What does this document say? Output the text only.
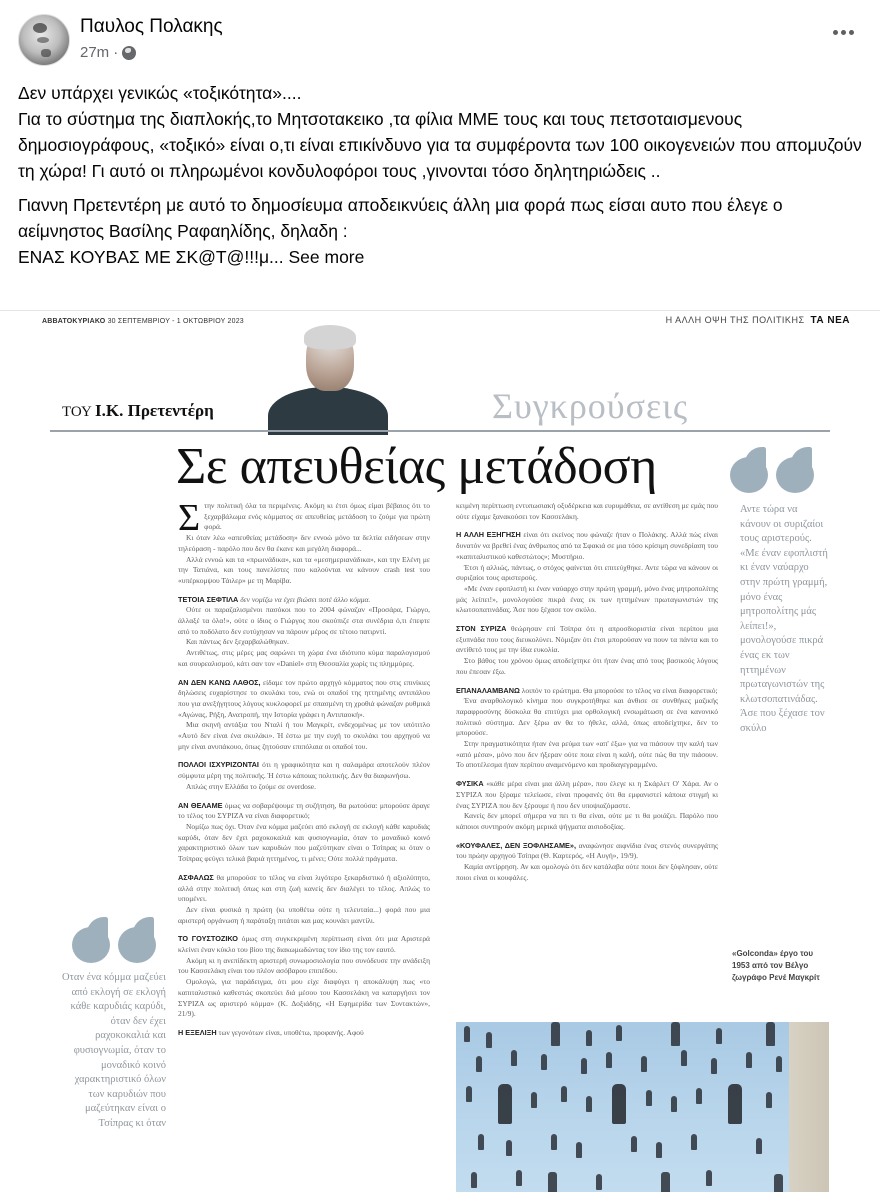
Παυλος Πολακης
27m ·

Δεν υπάρχει γενικώς «τοξικότητα»....

Για το σύστημα της διαπλοκής,το Μητσοτακεικο ,τα φίλια ΜΜΕ τους και τους πετσοταισμενους δημοσιογράφους, «τοξικό» είναι ο,τι είναι επικίνδυνο για τα συμφέροντα των 100 οικογενειών που απομυζούν τη χώρα! Γι αυτό οι πληρωμένοι κονδυλοφόροι τους ,γινονται τόσο δηλητηριώδεις ..

Γιαννη Πρετεντέρη με αυτό το δημοσίευμα αποδεικνύεις άλλη μια φορά πως είσαι αυτο που έλεγε ο αείμνηστος Βασίλης Ραφαηλίδης, δηλαδη :

ΕΝΑΣ ΚΟΥΒΑΣ ΜΕ ΣΚ@Τ@!!!μ... See more

ΑΒΒΑΤΟΚΥΡΙΑΚΟ 30 ΣΕΠΤΕΜΒΡΙΟΥ - 1 ΟΚΤΩΒΡΙΟΥ 2023	Η ΑΛΛΗ ΟΨΗ ΤΗΣ ΠΟΛΙΤΙΚΗΣ ΤΑ ΝΕΑ
ΤΟΥ Ι.Κ. Πρετεντέρη	Συγκρούσεις
Σε απευθείας μετάδοση
Αντε τώρα να κάνουν οι συριζαίοι τους αριστερούς. «Με έναν εφοπλιστή κι έναν ναύαρχο στην πρώτη γραμμή, μόνο ένας μητροπολίτης μάς λείπει!», μονολογούσε πικρά ένας εκ των ηττημένων πρωταγωνιστών της κλωτσοπατινάδας. Άσε που ξέχασε τον σκύλο
Οταν ένα κόμμα μαζεύει από εκλογή σε εκλογή κάθε καρυδιάς καρύδι, όταν δεν έχει ραχοκοκαλιά και φυσιογνωμία, όταν το μοναδικό κοινό χαρακτηριστικό όλων των καρυδιών που μαζεύτηκαν είναι ο Τσίπρας κι όταν
Σ την πολιτική όλα τα περιμένεις. Ακόμη κι έτσι όμως είμαι βέβαιος ότι το ξεχαρβάλωμα ενός κόμματος σε απευθείας μετάδοση το ζούμε για πρώτη φορά.

Κι όταν λέω «απευθείας μετάδοση» δεν εννοώ μόνο τα δελτία ειδήσεων στην τηλεόραση - παρόλο που δεν θα έκανε και μεγάλη διαφορά...

Αλλά εννοώ και τα «πρωινάδικα», και τα «μεσημεριανάδικα», και την Ελένη με την Τατιάνα, και τους πανελίστες που καλούνται να κάνουν crash test του «υπέρκομψου Τάιλερ» με τη Μαρίβα.

ΤΕΤΟΙΑ ΣΕΦΤΙΛΑ δεν νομίζω να έχει βιώσει ποτέ άλλο κόμμα.

Ούτε οι παραζαλισμένοι πασόκοι που το 2004 φώναζαν «Προσάρα, Γιώργο, άλλαξέ τα όλα!», ούτε ο ίδιος ο Γιώργος που σκούπιζε στα συνέδρια ό,τι έπεφτε από το ποδόλατο δεν ευτύχησαν να πάρουν μέρος σε τέτοιο πατιρντί.

Και πάντως δεν ξεχαρβαλώθηκαν.

Αντιθέτως, στις μέρες μας σαρώνει τη χώρα ένα ιδιότυπο κύμα παραλογισμού και σουρεαλισμού, κάτι σαν τον «Daniel» στη Θεσσαλία χωρίς τις πλημμύρες.

ΑΝ ΔΕΝ ΚΑΝΩ ΛΑΘΟΣ, είδαμε τον πρώτο αρχηγό κόμματος που στις επινίκιες δηλώσεις ευχαρίστησε το σκυλάκι του, ενώ οι οπαδοί της ηττημένης αντιπάλου που για ανεξήγητους λόγους κυκλοφορεί με σπασμένη τη χροθιά φώναζαν ρυθμικά «Αγώνας, Ρήξη, Ανατροπή, την Ιστορία γράφει η Αντιπαοκή».

Μια σκηνή αντάξια του Νταλί ή του Μαγκρίτ, ενδεχομένως με τον υπότιτλο «Αυτό δεν είναι ένα σκυλάκι». Ή έστω με την ευχή το σκυλάκι του αρχηγού να μην είναι ανυπάκουο, όπως ζητούσαν επιπόλαια οι οπαδοί του.

ΠΟΛΛΟΙ ΙΣΧΥΡΙΖΟΝΤΑΙ ότι η γραφικότητα και η σαλαμάρα αποτελούν πλέον σύμφυτα μέρη της πολιτικής. Ή έστω κάποιας πολιτικής. Δεν θα διαφωνήσω.

Απλώς στην Ελλάδα το ζούμε σε overdose.

ΑΝ ΘΕΛΑΜΕ όμως να σοβαρέψουμε τη συζήτηση, θα ρωτούσα: μπορούσε άραγε το τέλος του ΣΥΡΙΖΑ να είναι διαφορετικό;

Νομίζω πως όχι. Όταν ένα κόμμα μαζεύει από εκλογή σε εκλογή κάθε καρυδιάς καρύδι, όταν δεν έχει ραχοκοκαλιά και φυσιογνωμία, όταν το μοναδικό κοινό χαρακτηριστικό όλων των καρυδιών που μαζεύτηκαν είναι ο Τσίπρας κι όταν ο Τσίπρας φεύγει τελικά βαριά ηττημένος, τι μένει; Ούτε πολλά πράγματα.

ΑΣΦΑΛΩΣ θα μπορούσε το τέλος να είναι λιγότερο ξεκαρδιστικό ή αξιολύπητο, αλλά στην πολιτική όπως και στη ζωή κανείς δεν διαλέγει το τέλος. Απλώς το υπομένει.

Δεν είναι φυσικά η πρώτη (κι υποθέτω ούτε η τελευταία...) φορά που μια αριστερή οργάνωση ή παράταξη πιτάται και μας κουνάει μαντίλι.

ΤΟ ΓΟΥΣΤΟΖΙΚΟ όμως στη συγκεκριμένη περίπτωση είναι ότι μια Αριστερά κλείνει έναν κύκλο του βίου της διακωμωδώντας τον ίδιο της τον εαυτό.

Ακόμη κι η ανεπίδεκτη αριστερή συνωμοσιολογία που συνόδευσε την ανάδειξη του Κασσελάκη είναι του πλέον ασόβαρου επιπέδου.

Ομολογώ, για παράδειγμα, ότι μου είχε διαφύγει η αποκάλυψη πως «το καπιταλιστικό καθεστώς σκοπεύει διά μέσου του Κασσελάκη να καταργήσει τον ΣΥΡΙΖΑ ως αριστερό κόμμα» (Κ. Δοξιάδης, «Η Εφημερίδα των Συντακτών», 21/9).

Η ΕΞΕΛΙΞΗ των γεγονότων είναι, υποθέτω, προφανής. Αφού

κειμένη περίπτωση εντυπωσιακή οξυδέρκεια και ευρυμάθεια, σε αντίθεση με εμάς που ούτε είχαμε ξανακούσει τον Κασσελάκη.

Η ΑΛΛΗ ΕΞΗΓΗΣΗ είναι ότι εκείνος που φώναζε ήταν ο Πολάκης. Αλλά πώς είναι δυνατόν να βρεθεί ένας άνθρωπος από τα Σφακιά σε μια τόσο κρίσιμη συνεδρίαση του «καπιταλιστικού καθεστώτος»; Μυστήριο.

Έτσι ή αλλιώς, πάντως, ο στόχος φαίνεται ότι επιτεύχθηκε. Αντε τώρα να κάνουν οι συριζαίοι τους αριστερούς.

«Με έναν εφοπλιστή κι έναν ναύαρχο στην πρώτη γραμμή, μόνο ένας μητροπολίτης μάς λείπει!», μονολογούσε πικρά ένας εκ των ηττημένων πρωταγωνιστών της κλωτσοπατινάδας. Άσε που ξέχασε τον σκύλο.

ΣΤΟΝ ΣΥΡΙΖΑ θεώρησαν επί Τσίπρα ότι η απροσδιοριστία είναι περίπου μια εξυπνάδα που τους διευκολύνει. Νόμιζαν ότι έτσι μπορούσαν να πουν τα πάντα και το αντίθετό τους με την ίδια ευκολία.

Στο βάθος του χρόνου όμως αποδείχτηκε ότι ήταν ένας από τους βασικούς λόγους που έπεσαν έξω.

ΕΠΑΝΑΛΑΜΒΑΝΩ λοιπόν το ερώτημα. Θα μπορούσε το τέλος να είναι διαφορετικό;

Ένα αναρθολογικό κίνημα που συγκροτήθηκε και άνθισε σε συνθήκες μαζικής παραφροσύνης δύσκολα θα επιτύχει μια ορθολογική ενσωμάτωση σε ένα κανονικό πολιτικό σύστημα. Δεν ξέρω αν θα το ήθελε, αλλά, όπως αποδείχτηκε, δεν το μπορούσε.

Στην πραγματικότητα ήταν ένα ρεύμα των «απ' έξω» για να πιάσουν την καλή των «από μέσα», μόνο που δεν ήξεραν ούτε ποια είναι η καλή, ούτε πώς θα την πιάσουν. Το αποτέλεσμα ήταν περίπου αναμενόμενο και προδιαγεγραμμένο.

ΦΥΣΙΚΑ «κάθε μέρα είναι μια άλλη μέρα», που έλεγε κι η Σκάρλετ Ο' Χάρα. Αν ο ΣΥΡΙΖΑ που ξέραμε τελείωσε, είναι προφανές ότι θα εμφανιστεί κάποια στιγμή κι ένας ΣΥΡΙΖΑ που δεν ξέρουμε ή που δεν υποψιαζόμαστε.

Κανείς δεν μπορεί σήμερα να πει τι θα είναι, ούτε με τι θα μοιάζει. Παρόλο που κάποιοι συντηρούν ακόμη μερικά ψήγματα αισιοδοξίας.

«ΚΟΥΦΑΛΕΣ, ΔΕΝ ΞΟΦΛΗΣΑΜΕ», αναφώνησε αιφνίδια ένας στενός συνεργάτης του πρώην αρχηγού Τσίπρα (Θ. Καρτερός, «Η Αυγή», 19/9).

Καμία αντίρρηση. Αν και ομολογώ ότι δεν κατάλαβα ούτε ποιοι δεν ξόφλησαν, ούτε ποιοι είναι οι κουφάλες.

«Golconda» έργο του 1953 από τον Βέλγο ζωγράφο Ρενέ Μαγκρίτ
